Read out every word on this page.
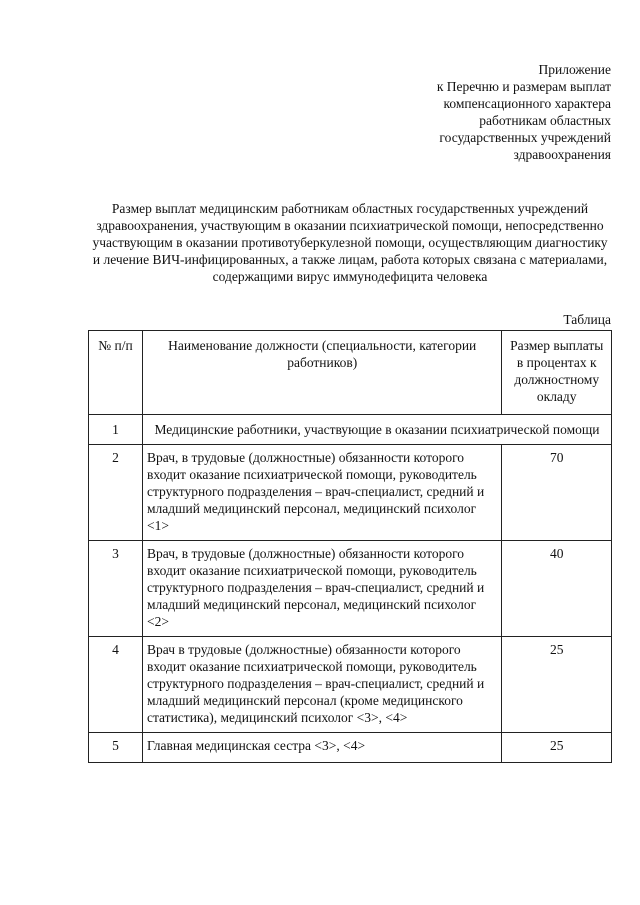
Приложение
к Перечню и размерам выплат
компенсационного характера
работникам областных
государственных учреждений
здравоохранения
Размер выплат медицинским работникам областных государственных учреждений здравоохранения, участвующим в оказании психиатрической помощи, непосредственно участвующим в оказании противотуберкулезной помощи, осуществляющим диагностику и лечение ВИЧ-инфицированных, а также лицам, работа которых связана с материалами, содержащими вирус иммунодефицита человека
Таблица
№ п/п	Наименование должности (специальности, категории работников)	Размер выплаты в процентах к должностному окладу
1	Медицинские работники, участвующие в оказании психиатрической помощи	
2	Врач, в трудовые (должностные) обязанности которого входит оказание психиатрической помощи, руководитель структурного подразделения – врач-специалист, средний и младший медицинский персонал, медицинский психолог <1>	70
3	Врач, в трудовые (должностные) обязанности которого входит оказание психиатрической помощи, руководитель структурного подразделения – врач-специалист, средний и младший медицинский персонал, медицинский психолог <2>	40
4	Врач в трудовые (должностные) обязанности которого входит оказание психиатрической помощи, руководитель структурного подразделения – врач-специалист, средний и младший медицинский персонал (кроме медицинского статистика), медицинский психолог <3>, <4>	25
5	Главная медицинская сестра <3>, <4>	25
